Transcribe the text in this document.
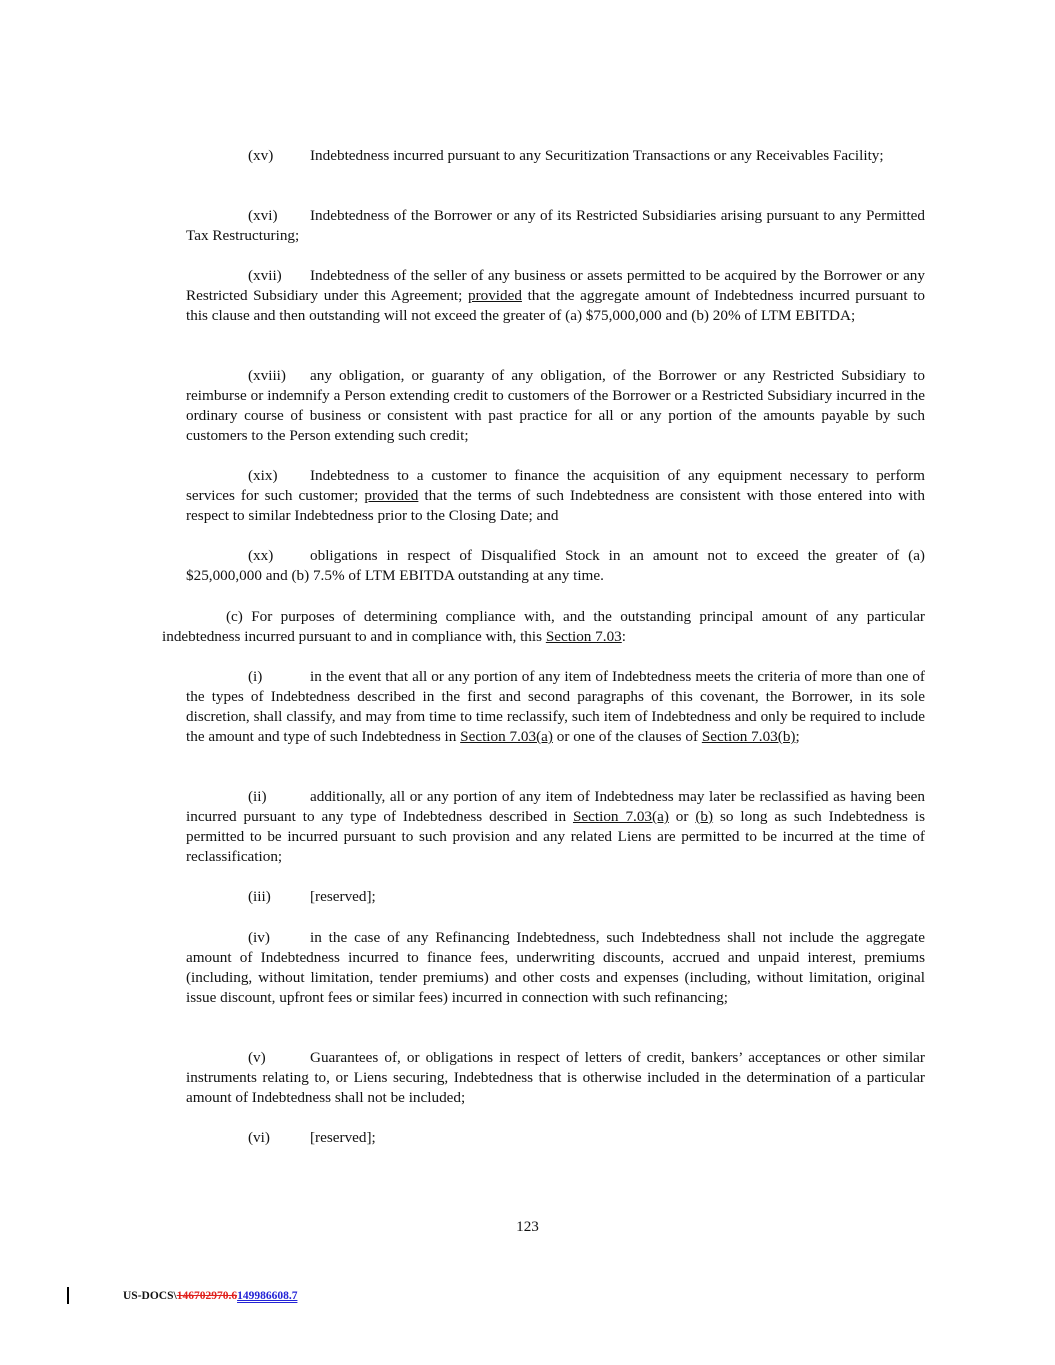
(xv) Indebtedness incurred pursuant to any Securitization Transactions or any Receivables Facility;

(xvi) Indebtedness of the Borrower or any of its Restricted Subsidiaries arising pursuant to any Permitted Tax Restructuring;

(xvii) Indebtedness of the seller of any business or assets permitted to be acquired by the Borrower or any Restricted Subsidiary under this Agreement; provided that the aggregate amount of Indebtedness incurred pursuant to this clause and then outstanding will not exceed the greater of (a) $75,000,000 and (b) 20% of LTM EBITDA;

(xviii) any obligation, or guaranty of any obligation, of the Borrower or any Restricted Subsidiary to reimburse or indemnify a Person extending credit to customers of the Borrower or a Restricted Subsidiary incurred in the ordinary course of business or consistent with past practice for all or any portion of the amounts payable by such customers to the Person extending such credit;

(xix) Indebtedness to a customer to finance the acquisition of any equipment necessary to perform services for such customer; provided that the terms of such Indebtedness are consistent with those entered into with respect to similar Indebtedness prior to the Closing Date; and

(xx) obligations in respect of Disqualified Stock in an amount not to exceed the greater of (a) $25,000,000 and (b) 7.5% of LTM EBITDA outstanding at any time.

(c) For purposes of determining compliance with, and the outstanding principal amount of any particular indebtedness incurred pursuant to and in compliance with, this Section 7.03:

(i)	in the event that all or any portion of any item of Indebtedness meets the criteria of more than one of the types of Indebtedness described in the first and second paragraphs of this covenant, the Borrower, in its sole discretion, shall classify, and may from time to time reclassify, such item of Indebtedness and only be required to include the amount and type of such Indebtedness in Section 7.03(a) or one of the clauses of Section 7.03(b);

(ii)	additionally, all or any portion of any item of Indebtedness may later be reclassified as having been incurred pursuant to any type of Indebtedness described in Section 7.03(a) or (b) so long as such Indebtedness is permitted to be incurred pursuant to such provision and any related Liens are permitted to be incurred at the time of reclassification;

(iii)	[reserved];

(iv)	in the case of any Refinancing Indebtedness, such Indebtedness shall not include the aggregate amount of Indebtedness incurred to finance fees, underwriting discounts, accrued and unpaid interest, premiums (including, without limitation, tender premiums) and other costs and expenses (including, without limitation, original issue discount, upfront fees or similar fees) incurred in connection with such refinancing;

(v)	Guarantees of, or obligations in respect of letters of credit, bankers’ acceptances or other similar instruments relating to, or Liens securing, Indebtedness that is otherwise included in the determination of a particular amount of Indebtedness shall not be included;

(vi)	[reserved];

123
US-DOCS\146702970.6149986608.7
